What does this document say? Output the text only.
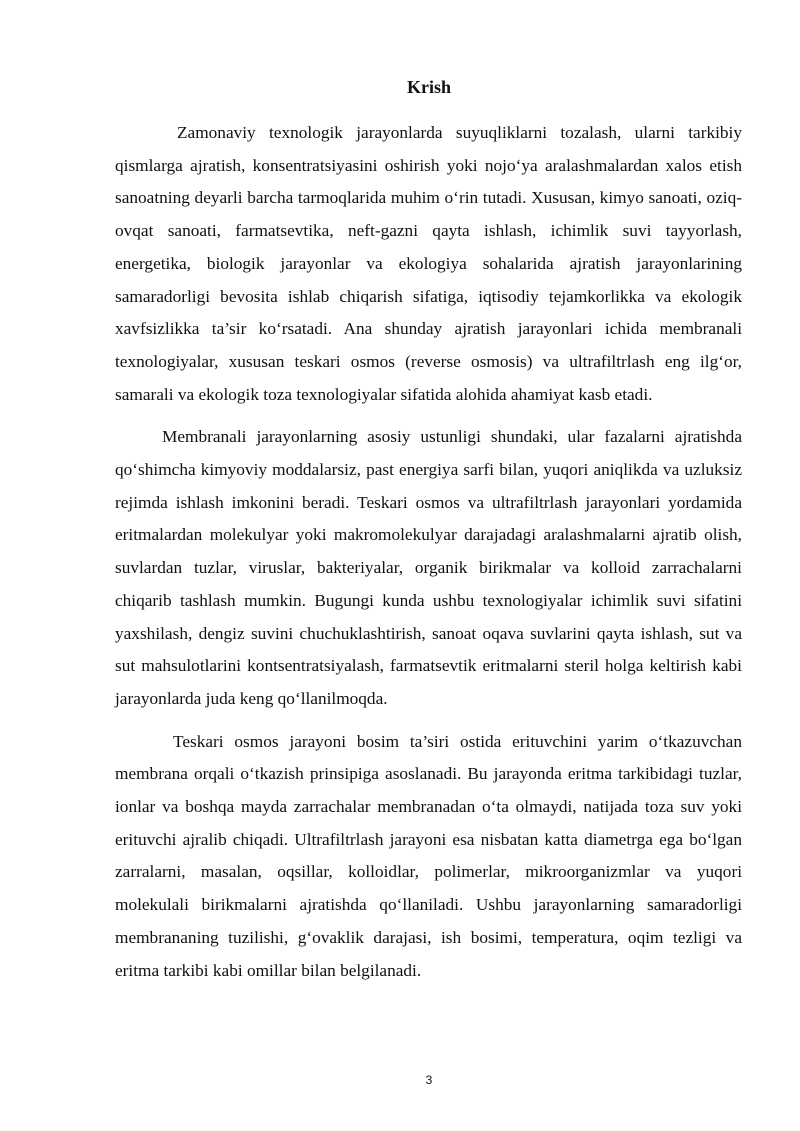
Krish

Zamonaviy texnologik jarayonlarda suyuqliklarni tozalash, ularni tarkibiy qismlarga ajratish, konsentratsiyasini oshirish yoki nojo‘ya aralashmalardan xalos etish sanoatning deyarli barcha tarmoqlarida muhim o‘rin tutadi. Xususan, kimyo sanoati, oziq-ovqat sanoati, farmatsevtika, neft-gazni qayta ishlash, ichimlik suvi tayyorlash, energetika, biologik jarayonlar va ekologiya sohalarida ajratish jarayonlarining samaradorligi bevosita ishlab chiqarish sifatiga, iqtisodiy tejamkorlikka va ekologik xavfsizlikka ta’sir ko‘rsatadi. Ana shunday ajratish jarayonlari ichida membranali texnologiyalar, xususan teskari osmos (reverse osmosis) va ultrafiltrlash eng ilg‘or, samarali va ekologik toza texnologiyalar sifatida alohida ahamiyat kasb etadi.

Membranali jarayonlarning asosiy ustunligi shundaki, ular fazalarni ajratishda qo‘shimcha kimyoviy moddalarsiz, past energiya sarfi bilan, yuqori aniqlikda va uzluksiz rejimda ishlash imkonini beradi. Teskari osmos va ultrafiltrlash jarayonlari yordamida eritmalardan molekulyar yoki makromolekulyar darajadagi aralashmalarni ajratib olish, suvlardan tuzlar, viruslar, bakteriyalar, organik birikmalar va kolloid zarrachalarni chiqarib tashlash mumkin. Bugungi kunda ushbu texnologiyalar ichimlik suvi sifatini yaxshilash, dengiz suvini chuchuklashtirish, sanoat oqava suvlarini qayta ishlash, sut va sut mahsulotlarini kontsentratsiyalash, farmatsevtik eritmalarni steril holga keltirish kabi jarayonlarda juda keng qo‘llanilmoqda.

Teskari osmos jarayoni bosim ta’siri ostida erituvchini yarim o‘tkazuvchan membrana orqali o‘tkazish prinsipiga asoslanadi. Bu jarayonda eritma tarkibidagi tuzlar, ionlar va boshqa mayda zarrachalar membranadan o‘ta olmaydi, natijada toza suv yoki erituvchi ajralib chiqadi. Ultrafiltrlash jarayoni esa nisbatan katta diametrga ega bo‘lgan zarralarni, masalan, oqsillar, kolloidlar, polimerlar, mikroorganizmlar va yuqori molekulali birikmalarni ajratishda qo‘llaniladi. Ushbu jarayonlarning samaradorligi membrananing tuzilishi, g‘ovaklik darajasi, ish bosimi, temperatura, oqim tezligi va eritma tarkibi kabi omillar bilan belgilanadi.

3
